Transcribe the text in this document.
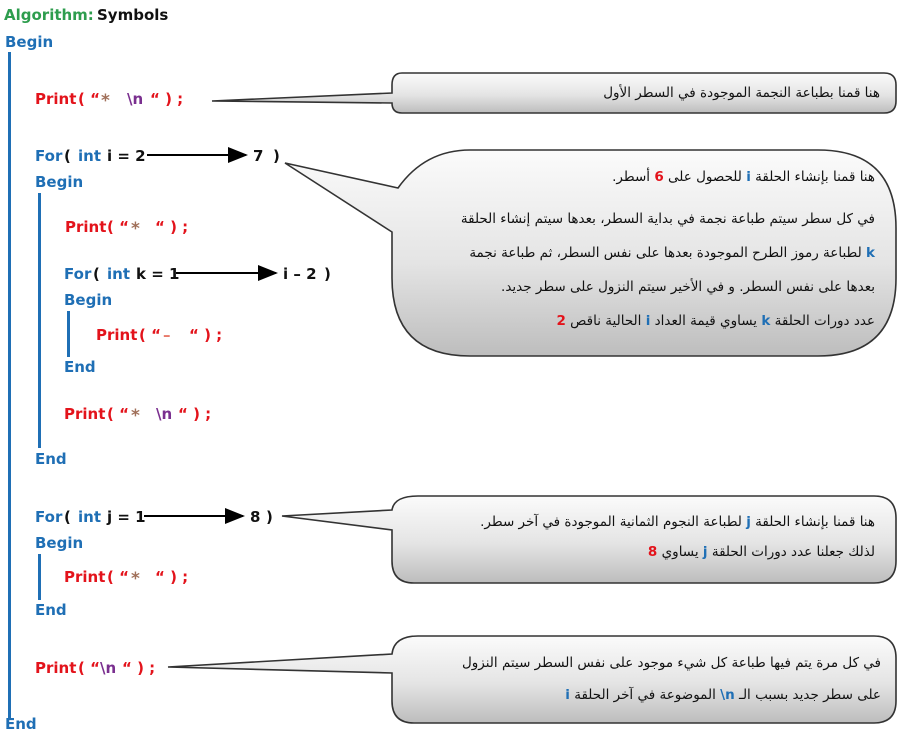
Algorithm: Symbols
Begin
End
Print ( “ * \n “ ) ;
For ( int i = 2	7 )
Begin
Print ( “ * “ ) ;
For ( int k = 1	i – 2 )
Begin
Print ( “ – “ ) ;
End
Print ( “ * \n “ ) ;
End
For ( int j = 1	8 )
Begin
Print ( “ * “ ) ;
End
Print ( “ \n “ ) ;

هنا قمنا بطباعة النجمة الموجودة في السطر الأول

هنا قمنا بإنشاء الحلقة i للحصول على 6 أسطر.

في كل سطر سيتم طباعة نجمة في بداية السطر، بعدها سيتم إنشاء الحلقة

k لطباعة رموز الطرح الموجودة بعدها على نفس السطر، ثم طباعة نجمة

بعدها على نفس السطر. و في الأخير سيتم النزول على سطر جديد.

عدد دورات الحلقة k يساوي قيمة العداد i الحالية ناقص 2

هنا قمنا بإنشاء الحلقة j لطباعة النجوم الثمانية الموجودة في آخر سطر.

لذلك جعلنا عدد دورات الحلقة j يساوي 8

في كل مرة يتم فيها طباعة كل شيء موجود على نفس السطر سيتم النزول

على سطر جديد بسبب الـ \n الموضوعة في آخر الحلقة i
